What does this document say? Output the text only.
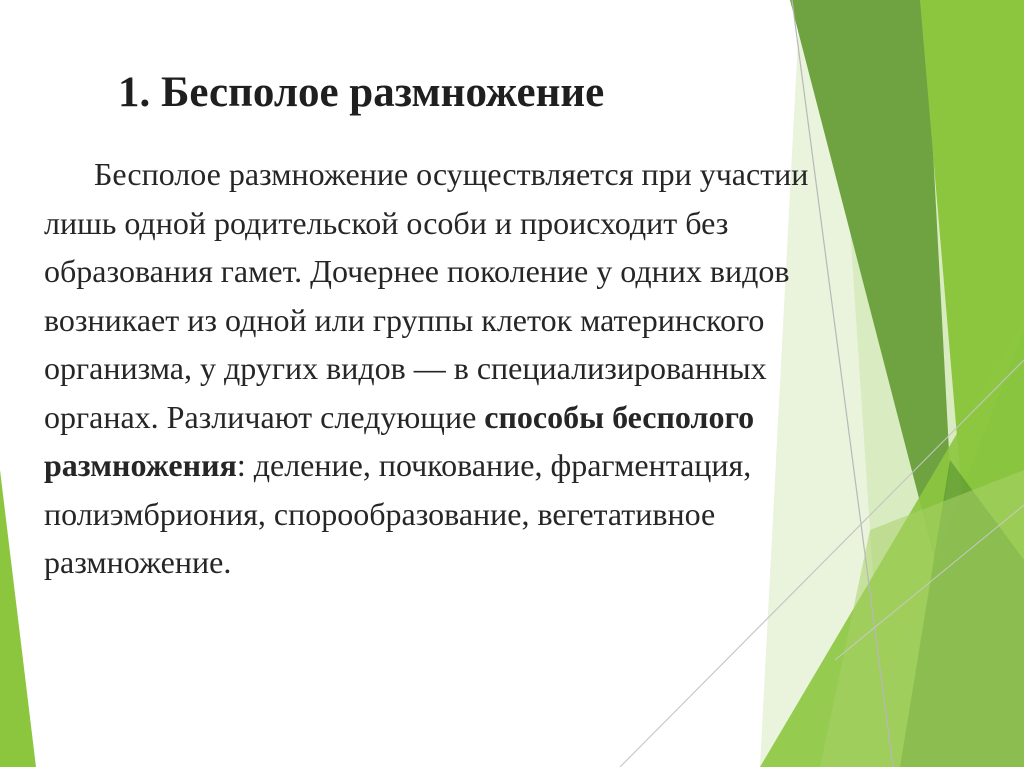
1. Бесполое размножение

Бесполое размножение осуществляется при участии лишь одной родительской особи и происходит без образования гамет. Дочернее поколение у одних видов возникает из одной или группы клеток материнского организма, у других видов — в специализированных органах. Различают следующие способы бесполого размножения: деление, почкование, фрагментация, полиэмбриония, спорообразование, вегетативное размножение.
